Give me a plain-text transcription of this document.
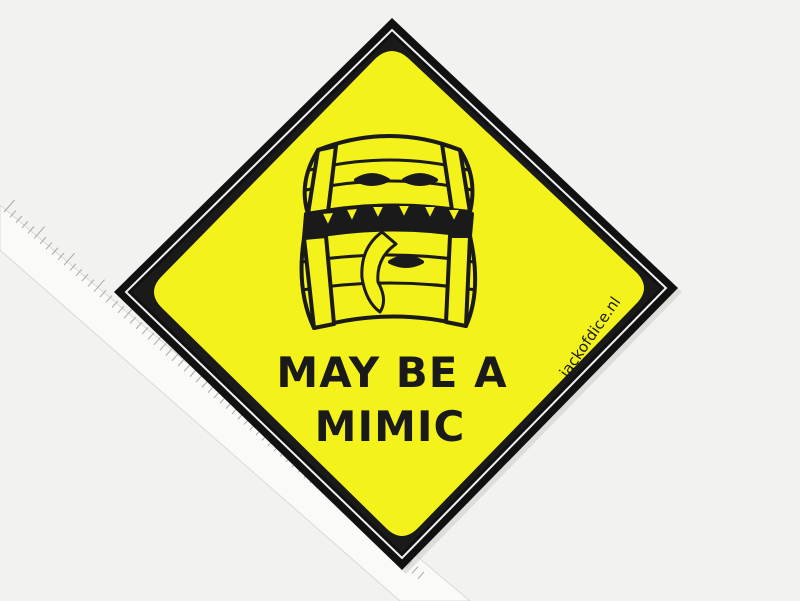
MAY BE A
MIMIC
jackofdice.nl
